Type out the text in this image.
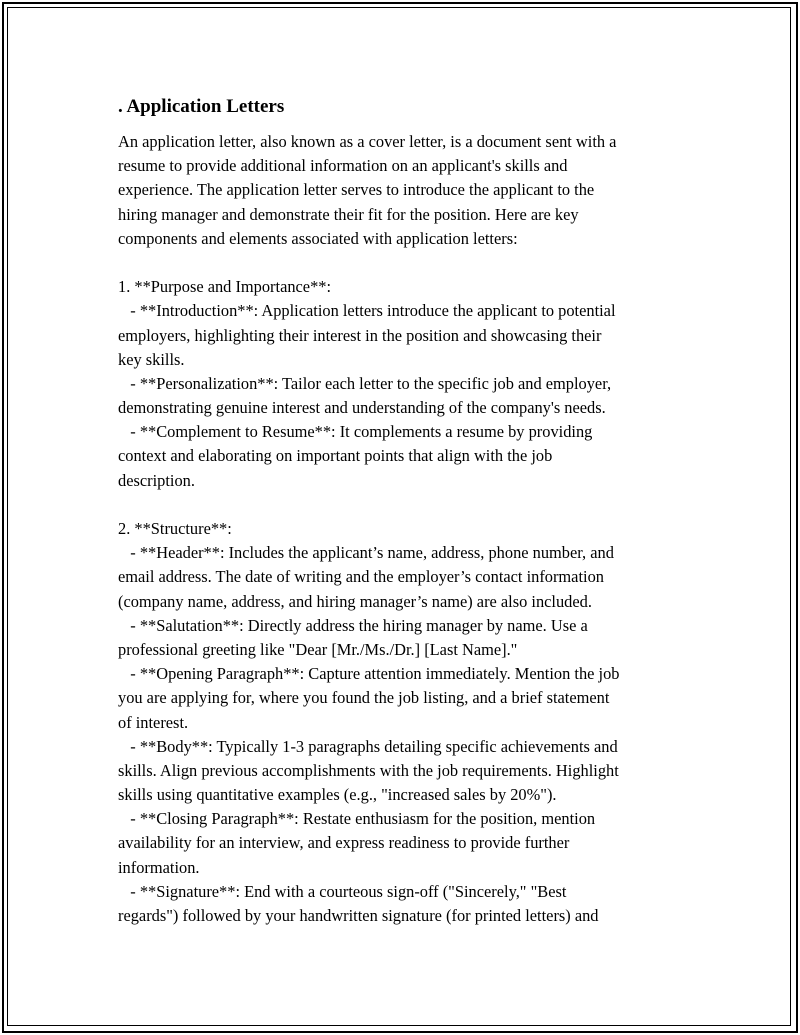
. Application Letters
An application letter, also known as a cover letter, is a document sent with a
resume to provide additional information on an applicant's skills and
experience. The application letter serves to introduce the applicant to the
hiring manager and demonstrate their fit for the position. Here are key
components and elements associated with application letters:
1. **Purpose and Importance**:
- **Introduction**: Application letters introduce the applicant to potential
employers, highlighting their interest in the position and showcasing their
key skills.
- **Personalization**: Tailor each letter to the specific job and employer,
demonstrating genuine interest and understanding of the company's needs.
- **Complement to Resume**: It complements a resume by providing
context and elaborating on important points that align with the job
description.
2. **Structure**:
- **Header**: Includes the applicant’s name, address, phone number, and
email address. The date of writing and the employer’s contact information
(company name, address, and hiring manager’s name) are also included.
- **Salutation**: Directly address the hiring manager by name. Use a
professional greeting like "Dear [Mr./Ms./Dr.] [Last Name]."
- **Opening Paragraph**: Capture attention immediately. Mention the job
you are applying for, where you found the job listing, and a brief statement
of interest.
- **Body**: Typically 1-3 paragraphs detailing specific achievements and
skills. Align previous accomplishments with the job requirements. Highlight
skills using quantitative examples (e.g., "increased sales by 20%").
- **Closing Paragraph**: Restate enthusiasm for the position, mention
availability for an interview, and express readiness to provide further
information.
- **Signature**: End with a courteous sign-off ("Sincerely," "Best
regards") followed by your handwritten signature (for printed letters) and
